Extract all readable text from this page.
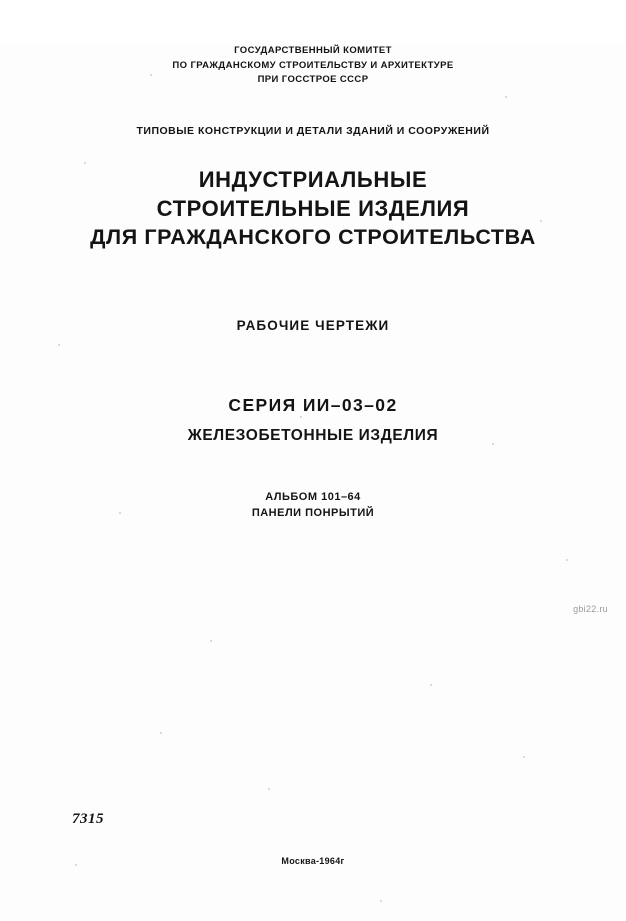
ГОСУДАРСТВЕННЫЙ КОМИТЕТ
ПО ГРАЖДАНСКОМУ СТРОИТЕЛЬСТВУ И АРХИТЕКТУРЕ
ПРИ ГОССТРОЕ СССР
ТИПОВЫЕ КОНСТРУКЦИИ И ДЕТАЛИ ЗДАНИЙ И СООРУЖЕНИЙ
ИНДУСТРИАЛЬНЫЕ
СТРОИТЕЛЬНЫЕ ИЗДЕЛИЯ
ДЛЯ ГРАЖДАНСКОГО СТРОИТЕЛЬСТВА
РАБОЧИЕ ЧЕРТЕЖИ
СЕРИЯ ИИ–03–02
ЖЕЛЕЗОБЕТОННЫЕ ИЗДЕЛИЯ
АЛЬБОМ 101–64
ПАНЕЛИ ПОНРЫТИЙ
gbi22.ru
7315
Москва-1964г
